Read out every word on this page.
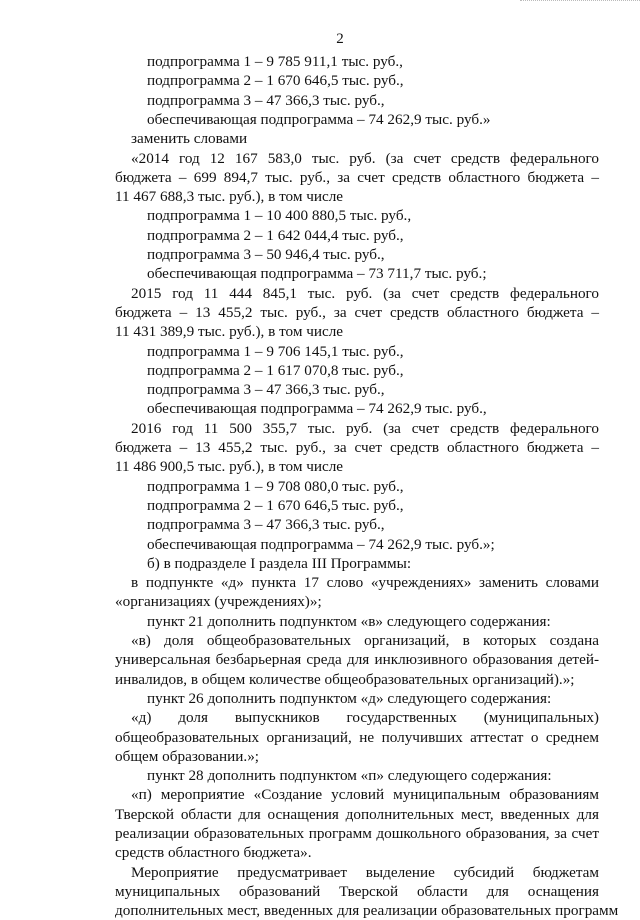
2
подпрограмма 1 – 9 785 911,1 тыс. руб.,
подпрограмма 2 – 1 670 646,5 тыс. руб.,
подпрограмма 3 – 47 366,3 тыс. руб.,
обеспечивающая подпрограмма – 74 262,9 тыс. руб.»
заменить словами
«2014 год 12 167 583,0 тыс. руб. (за счет средств федерального
бюджета – 699 894,7 тыс. руб., за счет средств областного бюджета –
11 467 688,3 тыс. руб.), в том числе
подпрограмма 1 – 10 400 880,5 тыс. руб.,
подпрограмма 2 – 1 642 044,4 тыс. руб.,
подпрограмма 3 – 50 946,4 тыс. руб.,
обеспечивающая подпрограмма – 73 711,7 тыс. руб.;
2015 год 11 444 845,1 тыс. руб. (за счет средств федерального
бюджета – 13 455,2 тыс. руб., за счет средств областного бюджета –
11 431 389,9 тыс. руб.), в том числе
подпрограмма 1 – 9 706 145,1 тыс. руб.,
подпрограмма 2 – 1 617 070,8 тыс. руб.,
подпрограмма 3 – 47 366,3 тыс. руб.,
обеспечивающая подпрограмма – 74 262,9 тыс. руб.,
2016 год 11 500 355,7 тыс. руб. (за счет средств федерального
бюджета – 13 455,2 тыс. руб., за счет средств областного бюджета –
11 486 900,5 тыс. руб.), в том числе
подпрограмма 1 – 9 708 080,0 тыс. руб.,
подпрограмма 2 – 1 670 646,5 тыс. руб.,
подпрограмма 3 – 47 366,3 тыс. руб.,
обеспечивающая подпрограмма – 74 262,9 тыс. руб.»;
б) в подразделе I раздела III Программы:
в подпункте «д» пункта 17 слово «учреждениях» заменить словами
«организациях (учреждениях)»;
пункт 21 дополнить подпунктом «в» следующего содержания:
«в) доля общеобразовательных организаций, в которых создана
универсальная безбарьерная среда для инклюзивного образования детей-
инвалидов, в общем количестве общеобразовательных организаций).»;
пункт 26 дополнить подпунктом «д» следующего содержания:
«д) доля выпускников государственных (муниципальных)
общеобразовательных организаций, не получивших аттестат о среднем
общем образовании.»;
пункт 28 дополнить подпунктом «п» следующего содержания:
«п) мероприятие «Создание условий муниципальным образованиям
Тверской области для оснащения дополнительных мест, введенных для
реализации образовательных программ дошкольного образования, за счет
средств областного бюджета».
Мероприятие предусматривает выделение субсидий бюджетам
муниципальных образований Тверской области для оснащения
дополнительных мест, введенных для реализации образовательных программ
